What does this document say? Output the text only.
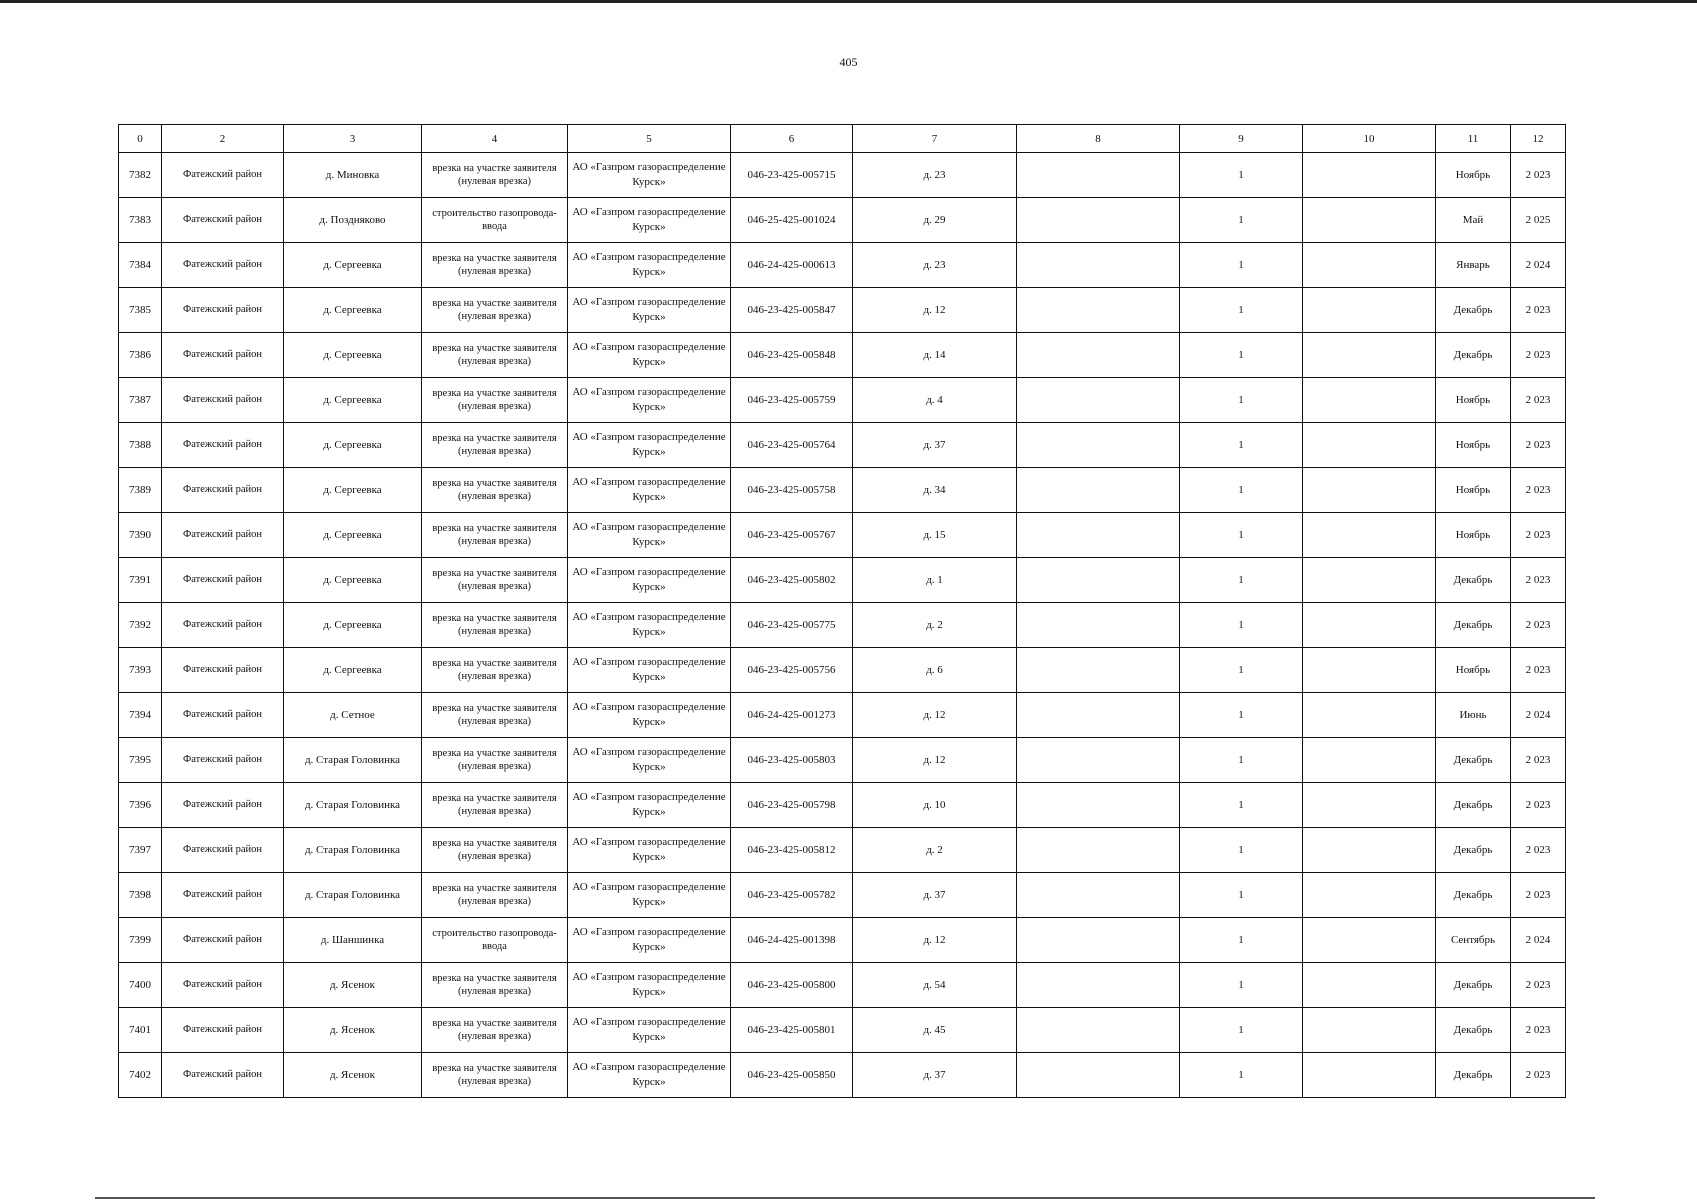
405
0	2	3	4	5	6	7	8	9	10	11	12
7382	Фатежский район	д. Миновка	врезка на участке заявителя (нулевая врезка)	АО «Газпром газораспределение Курск»	046-23-425-005715	д. 23		1		Ноябрь	2 023
7383	Фатежский район	д. Поздняково	строительство газопровода-ввода	АО «Газпром газораспределение Курск»	046-25-425-001024	д. 29		1		Май	2 025
7384	Фатежский район	д. Сергеевка	врезка на участке заявителя (нулевая врезка)	АО «Газпром газораспределение Курск»	046-24-425-000613	д. 23		1		Январь	2 024
7385	Фатежский район	д. Сергеевка	врезка на участке заявителя (нулевая врезка)	АО «Газпром газораспределение Курск»	046-23-425-005847	д. 12		1		Декабрь	2 023
7386	Фатежский район	д. Сергеевка	врезка на участке заявителя (нулевая врезка)	АО «Газпром газораспределение Курск»	046-23-425-005848	д. 14		1		Декабрь	2 023
7387	Фатежский район	д. Сергеевка	врезка на участке заявителя (нулевая врезка)	АО «Газпром газораспределение Курск»	046-23-425-005759	д. 4		1		Ноябрь	2 023
7388	Фатежский район	д. Сергеевка	врезка на участке заявителя (нулевая врезка)	АО «Газпром газораспределение Курск»	046-23-425-005764	д. 37		1		Ноябрь	2 023
7389	Фатежский район	д. Сергеевка	врезка на участке заявителя (нулевая врезка)	АО «Газпром газораспределение Курск»	046-23-425-005758	д. 34		1		Ноябрь	2 023
7390	Фатежский район	д. Сергеевка	врезка на участке заявителя (нулевая врезка)	АО «Газпром газораспределение Курск»	046-23-425-005767	д. 15		1		Ноябрь	2 023
7391	Фатежский район	д. Сергеевка	врезка на участке заявителя (нулевая врезка)	АО «Газпром газораспределение Курск»	046-23-425-005802	д. 1		1		Декабрь	2 023
7392	Фатежский район	д. Сергеевка	врезка на участке заявителя (нулевая врезка)	АО «Газпром газораспределение Курск»	046-23-425-005775	д. 2		1		Декабрь	2 023
7393	Фатежский район	д. Сергеевка	врезка на участке заявителя (нулевая врезка)	АО «Газпром газораспределение Курск»	046-23-425-005756	д. 6		1		Ноябрь	2 023
7394	Фатежский район	д. Сетное	врезка на участке заявителя (нулевая врезка)	АО «Газпром газораспределение Курск»	046-24-425-001273	д. 12		1		Июнь	2 024
7395	Фатежский район	д. Старая Головинка	врезка на участке заявителя (нулевая врезка)	АО «Газпром газораспределение Курск»	046-23-425-005803	д. 12		1		Декабрь	2 023
7396	Фатежский район	д. Старая Головинка	врезка на участке заявителя (нулевая врезка)	АО «Газпром газораспределение Курск»	046-23-425-005798	д. 10		1		Декабрь	2 023
7397	Фатежский район	д. Старая Головинка	врезка на участке заявителя (нулевая врезка)	АО «Газпром газораспределение Курск»	046-23-425-005812	д. 2		1		Декабрь	2 023
7398	Фатежский район	д. Старая Головинка	врезка на участке заявителя (нулевая врезка)	АО «Газпром газораспределение Курск»	046-23-425-005782	д. 37		1		Декабрь	2 023
7399	Фатежский район	д. Шаншинка	строительство газопровода-ввода	АО «Газпром газораспределение Курск»	046-24-425-001398	д. 12		1		Сентябрь	2 024
7400	Фатежский район	д. Ясенок	врезка на участке заявителя (нулевая врезка)	АО «Газпром газораспределение Курск»	046-23-425-005800	д. 54		1		Декабрь	2 023
7401	Фатежский район	д. Ясенок	врезка на участке заявителя (нулевая врезка)	АО «Газпром газораспределение Курск»	046-23-425-005801	д. 45		1		Декабрь	2 023
7402	Фатежский район	д. Ясенок	врезка на участке заявителя (нулевая врезка)	АО «Газпром газораспределение Курск»	046-23-425-005850	д. 37		1		Декабрь	2 023
